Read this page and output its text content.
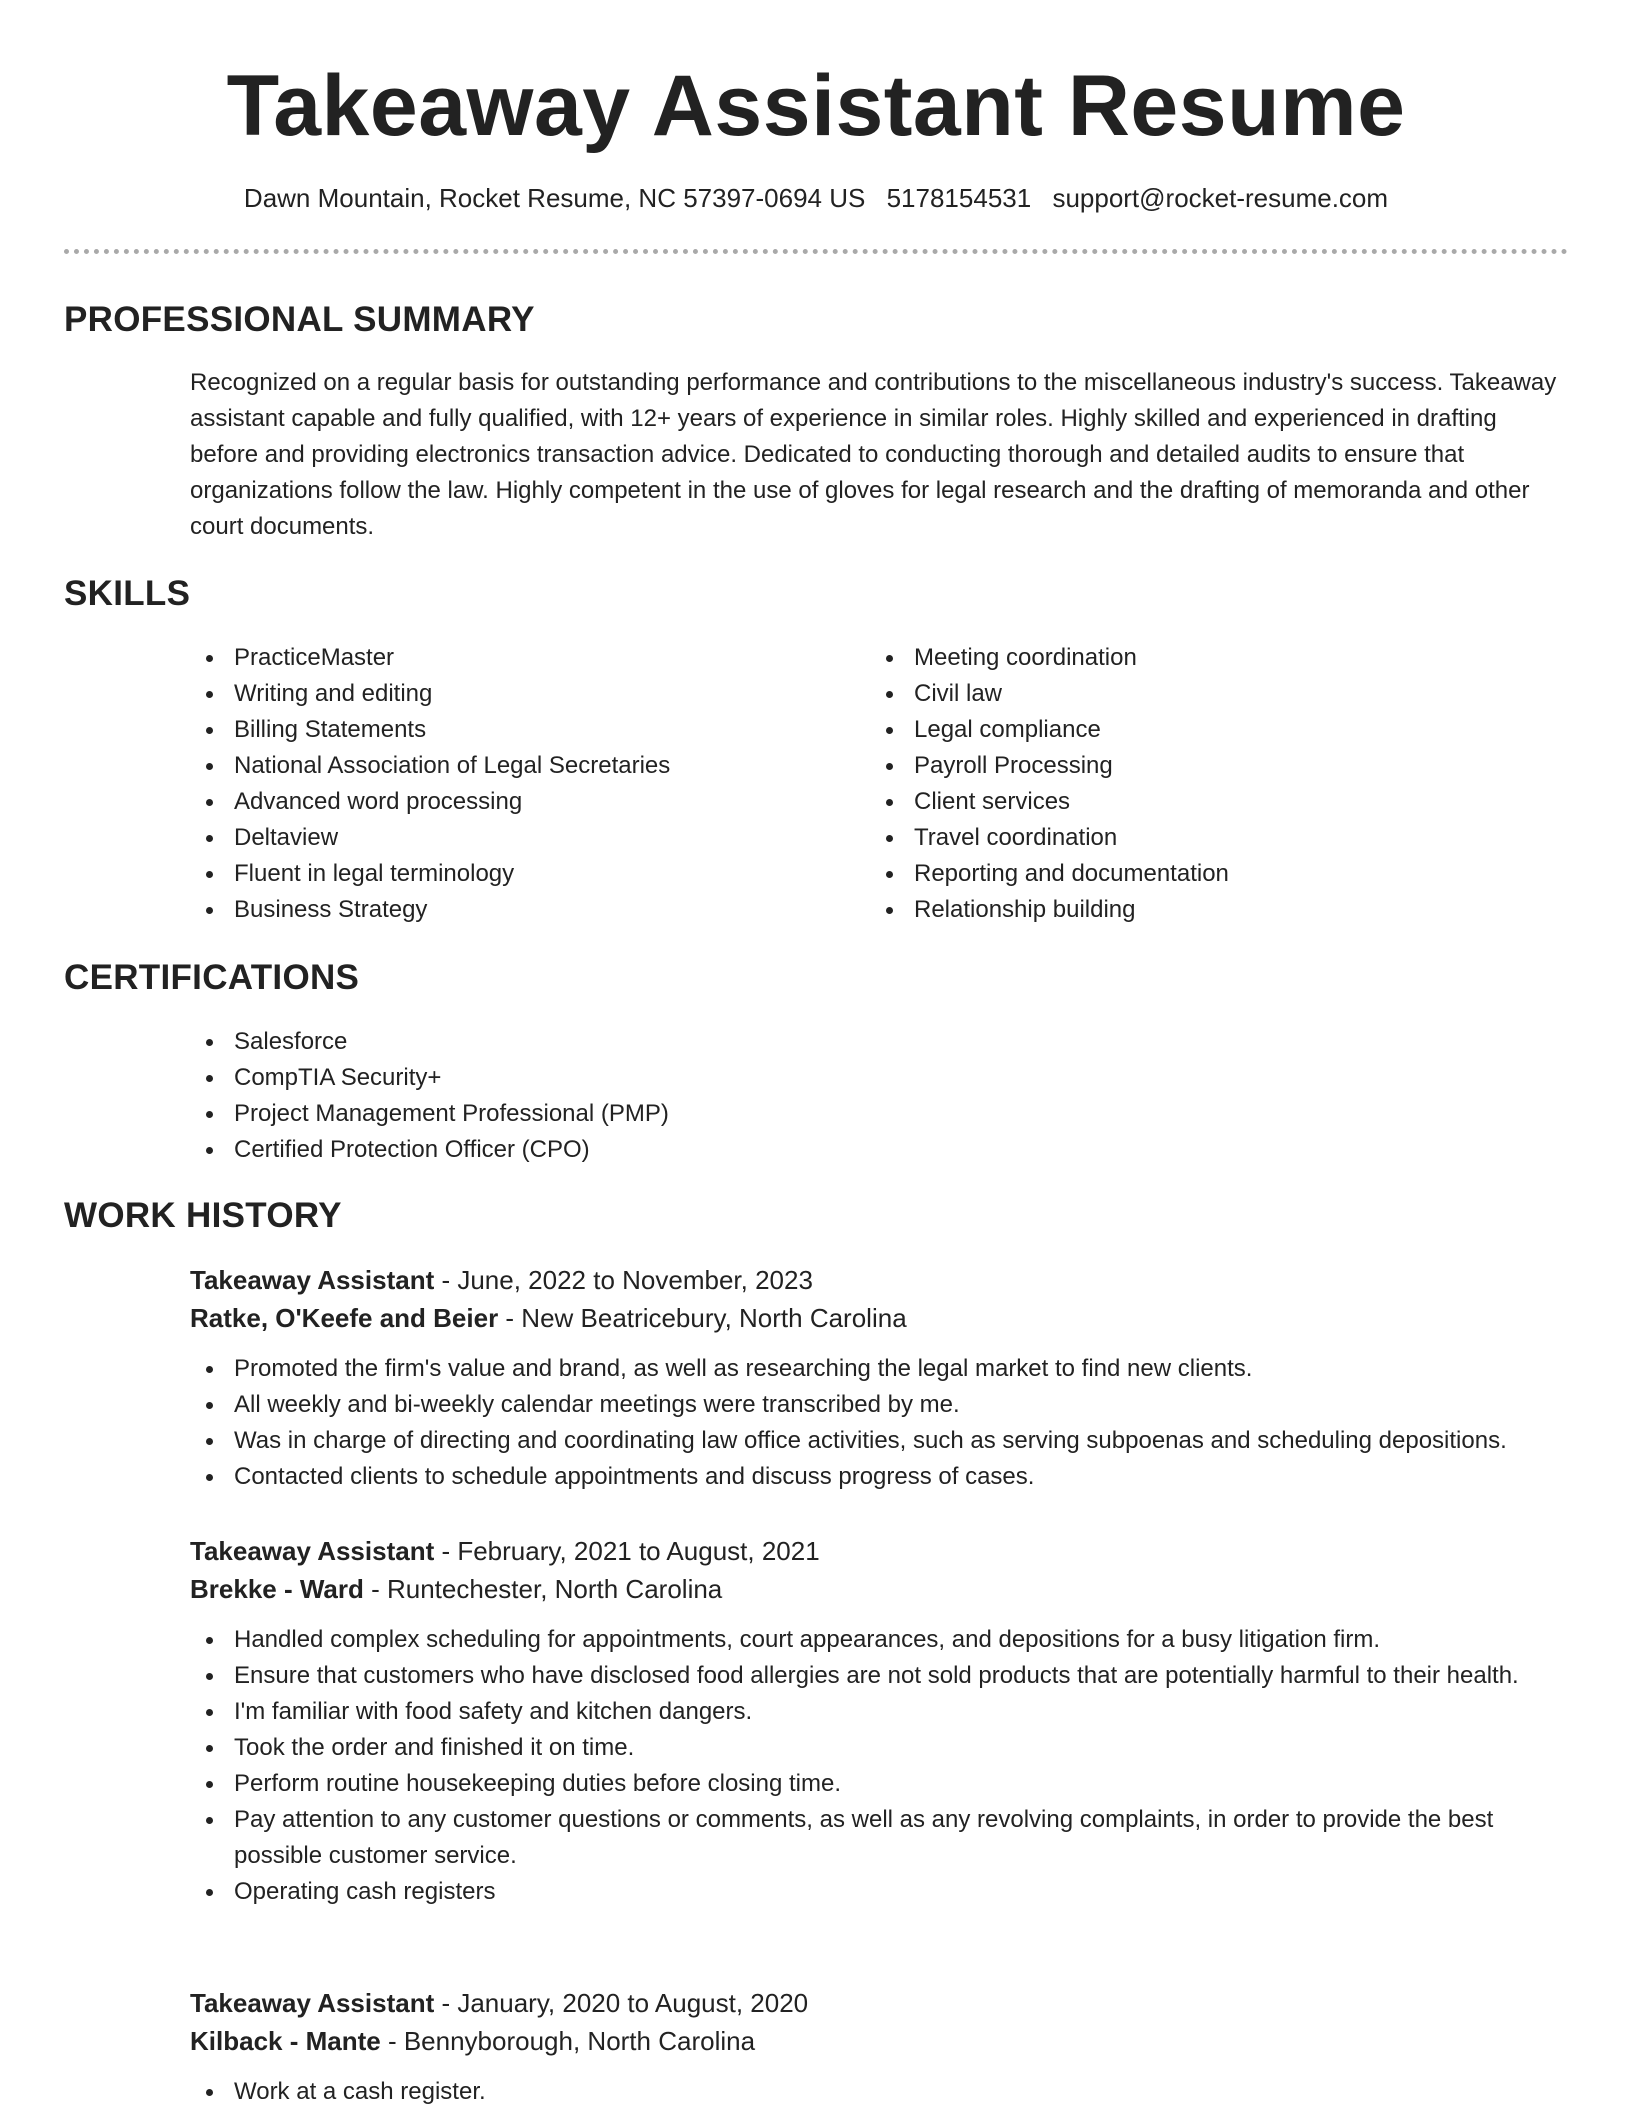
Takeaway Assistant Resume
Dawn Mountain, Rocket Resume, NC 57397-0694 US 5178154531 support@rocket-resume.com
PROFESSIONAL SUMMARY

Recognized on a regular basis for outstanding performance and contributions to the miscellaneous industry's success. Takeaway assistant capable and fully qualified, with 12+ years of experience in similar roles. Highly skilled and experienced in drafting before and providing electronics transaction advice. Dedicated to conducting thorough and detailed audits to ensure that organizations follow the law. Highly competent in the use of gloves for legal research and the drafting of memoranda and other court documents.

SKILLS
PracticeMaster
Writing and editing
Billing Statements
National Association of Legal Secretaries
Advanced word processing
Deltaview
Fluent in legal terminology
Business Strategy
Meeting coordination
Civil law
Legal compliance
Payroll Processing
Client services
Travel coordination
Reporting and documentation
Relationship building
CERTIFICATIONS
Salesforce
CompTIA Security+
Project Management Professional (PMP)
Certified Protection Officer (CPO)
WORK HISTORY
Takeaway Assistant - June, 2022 to November, 2023
Ratke, O'Keefe and Beier - New Beatricebury, North Carolina
Promoted the firm's value and brand, as well as researching the legal market to find new clients.
All weekly and bi-weekly calendar meetings were transcribed by me.
Was in charge of directing and coordinating law office activities, such as serving subpoenas and scheduling depositions.
Contacted clients to schedule appointments and discuss progress of cases.
Takeaway Assistant - February, 2021 to August, 2021
Brekke - Ward - Runtechester, North Carolina
Handled complex scheduling for appointments, court appearances, and depositions for a busy litigation firm.
Ensure that customers who have disclosed food allergies are not sold products that are potentially harmful to their health.
I'm familiar with food safety and kitchen dangers.
Took the order and finished it on time.
Perform routine housekeeping duties before closing time.
Pay attention to any customer questions or comments, as well as any revolving complaints, in order to provide the best possible customer service.
Operating cash registers
Takeaway Assistant - January, 2020 to August, 2020
Kilback - Mante - Bennyborough, North Carolina
Work at a cash register.
